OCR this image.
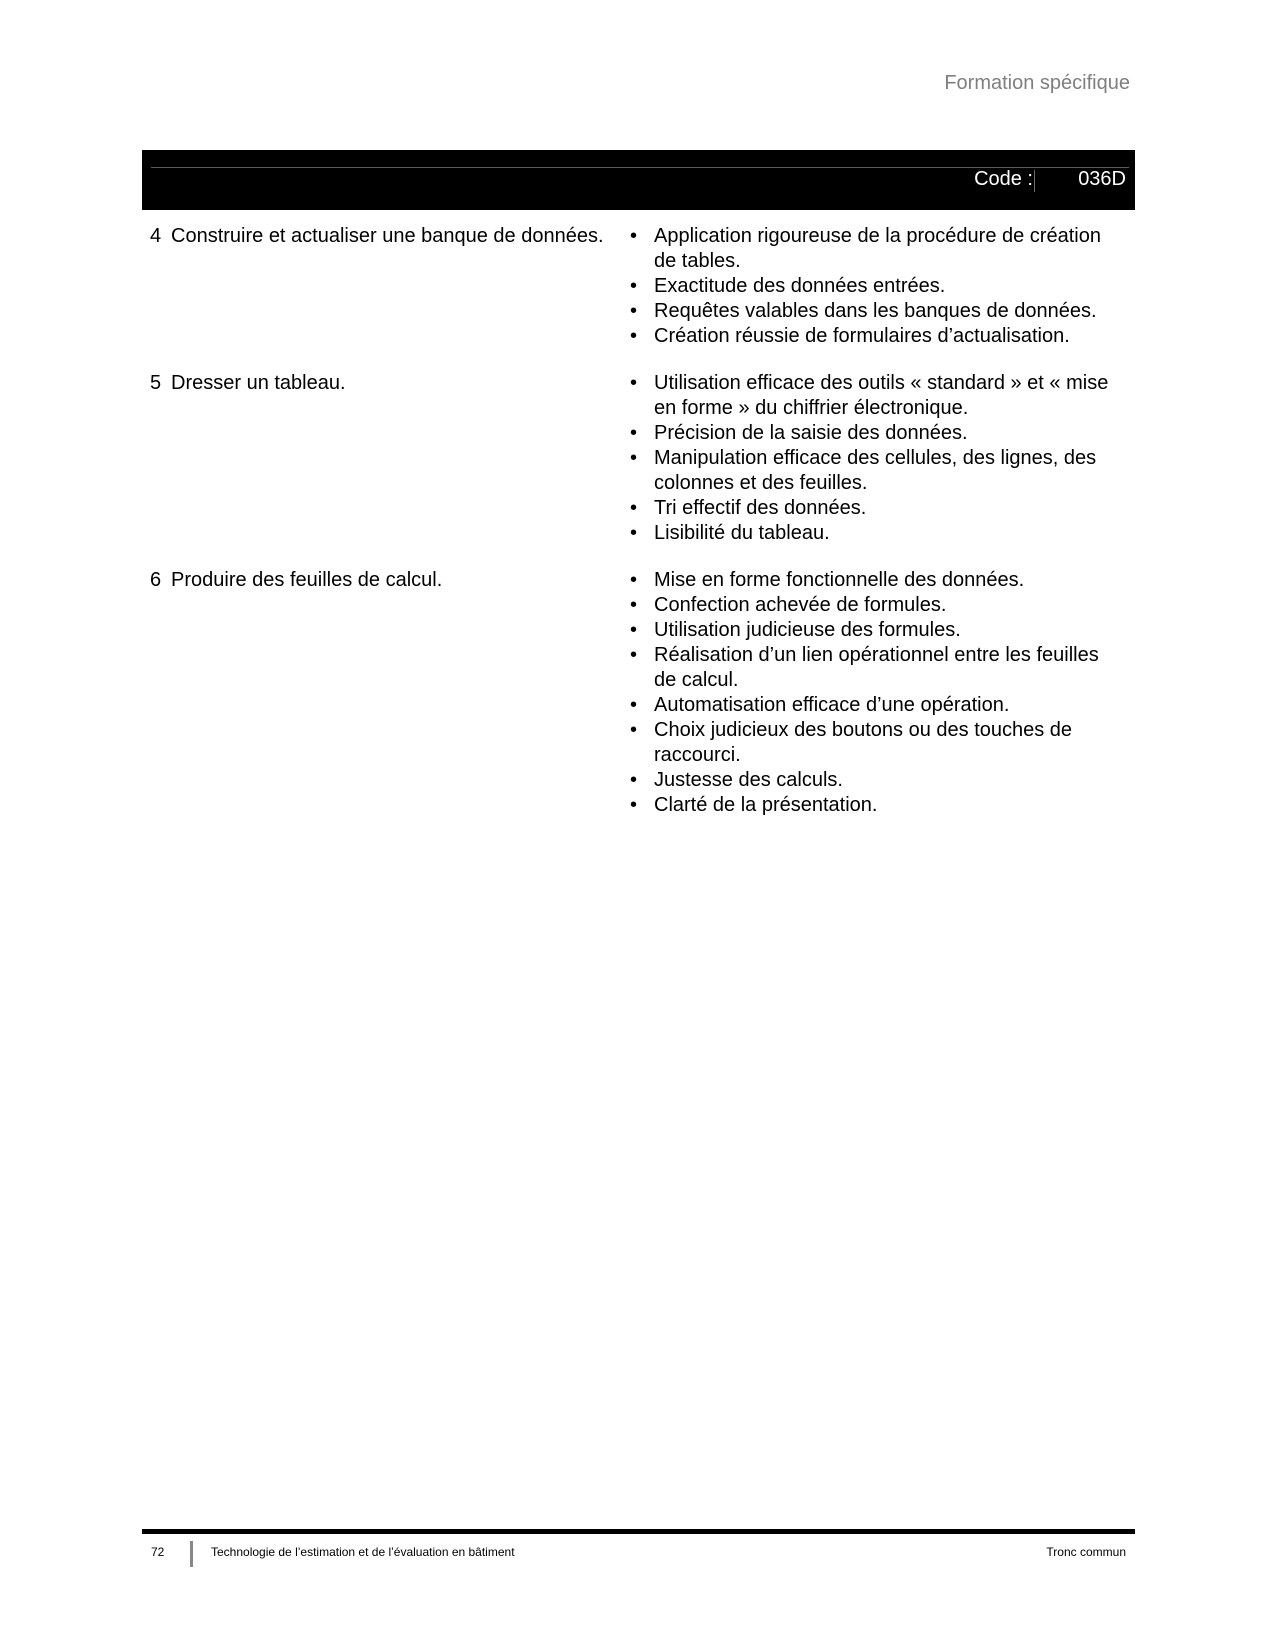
Formation spécifique
Code : 036D
4 Construire et actualiser une banque de données.	• Application rigoureuse de la procédure de création de tables.
• Exactitude des données entrées.
• Requêtes valables dans les banques de données.
• Création réussie de formulaires d’actualisation.
5 Dresser un tableau.	• Utilisation efficace des outils « standard » et « mise en forme » du chiffrier électronique.
• Précision de la saisie des données.
• Manipulation efficace des cellules, des lignes, des colonnes et des feuilles.
• Tri effectif des données.
• Lisibilité du tableau.
6 Produire des feuilles de calcul.	• Mise en forme fonctionnelle des données.
• Confection achevée de formules.
• Utilisation judicieuse des formules.
• Réalisation d’un lien opérationnel entre les feuilles de calcul.
• Automatisation efficace d’une opération.
• Choix judicieux des boutons ou des touches de raccourci.
• Justesse des calculs.
• Clarté de la présentation.
72	Technologie de l’estimation et de l’évaluation en bâtiment	Tronc commun
